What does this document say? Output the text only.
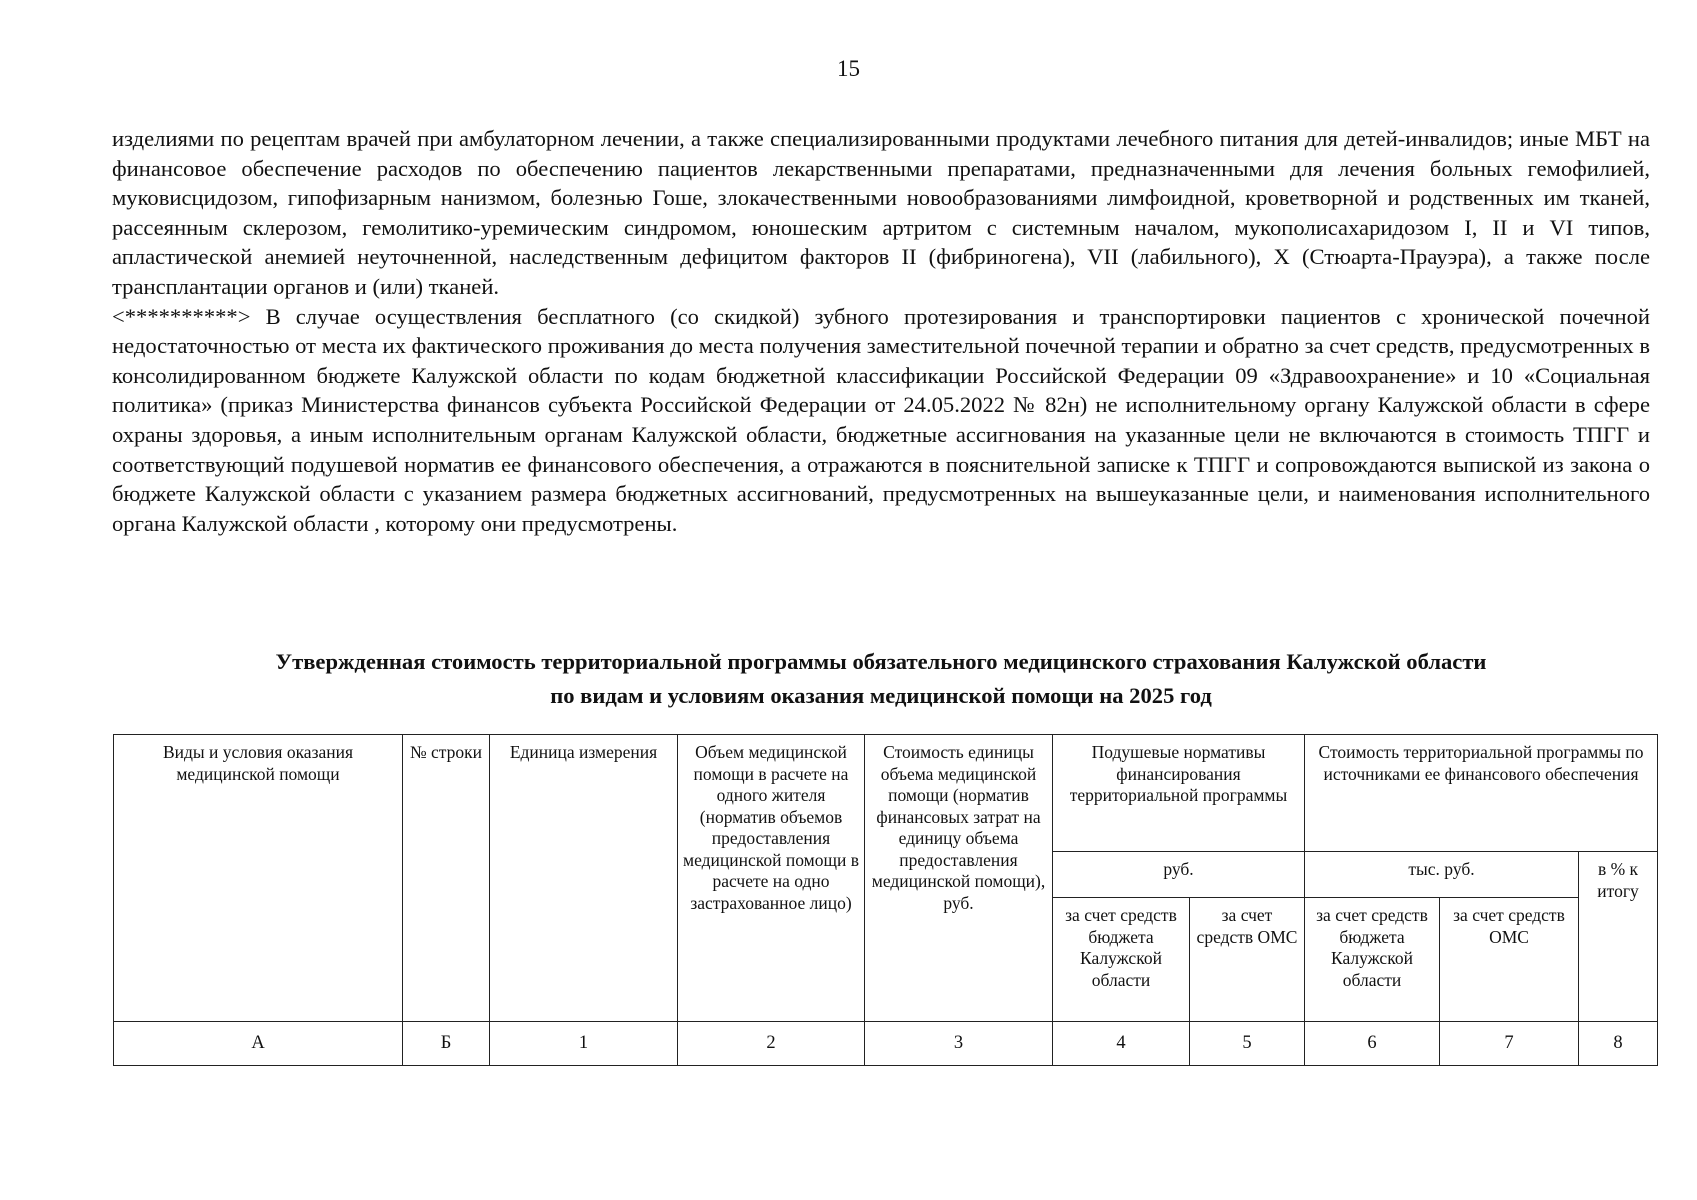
15

изделиями по рецептам врачей при амбулаторном лечении, а также специализированными продуктами лечебного питания для детей-инвалидов; иные МБТ на финансовое обеспечение расходов по обеспечению пациентов лекарственными препаратами, предназначенными для лечения больных гемофилией, муковисцидозом, гипофизарным нанизмом, болезнью Гоше, злокачественными новообразованиями лимфоидной, кроветворной и родственных им тканей, рассеянным склерозом, гемолитико-уремическим синдромом, юношеским артритом с системным началом, мукополисахаридозом I, II и VI типов, апластической анемией неуточненной, наследственным дефицитом факторов II (фибриногена), VII (лабильного), X (Стюарта-Прауэра), а также после трансплантации органов и (или) тканей.

<**********> В случае осуществления бесплатного (со скидкой) зубного протезирования и транспортировки пациентов с хронической почечной недостаточностью от места их фактического проживания до места получения заместительной почечной терапии и обратно за счет средств, предусмотренных в консолидированном бюджете Калужской области по кодам бюджетной классификации Российской Федерации 09 «Здравоохранение» и 10 «Социальная политика» (приказ Министерства финансов субъекта Российской Федерации от 24.05.2022 № 82н) не исполнительному органу Калужской области в сфере охраны здоровья, а иным исполнительным органам Калужской области, бюджетные ассигнования на указанные цели не включаются в стоимость ТПГГ и соответствующий подушевой норматив ее финансового обеспечения, а отражаются в пояснительной записке к ТПГГ и сопровождаются выпиской из закона о бюджете Калужской области с указанием размера бюджетных ассигнований, предусмотренных на вышеуказанные цели, и наименования исполнительного органа Калужской области , которому они предусмотрены.

Утвержденная стоимость территориальной программы обязательного медицинского страхования Калужской области
по видам и условиям оказания медицинской помощи на 2025 год
Виды и условия оказания медицинской помощи	№ строки	Единица измерения	Объем медицинской помощи в расчете на одного жителя (норматив объемов предоставления медицинской помощи в расчете на одно застрахованное лицо)	Стоимость единицы объема медицинской помощи (норматив финансовых затрат на единицу объема предоставления медицинской помощи), руб.	Подушевые нормативы финансирования территориальной программы		Стоимость территориальной программы по источниками ее финансового обеспечения		
					руб.		тыс. руб.		в % к итогу
					за счет средств бюджета Калужской области	за счет средств ОМС	за счет средств бюджета Калужской области	за счет средств ОМС	
А	Б	1	2	3	4	5	6	7	8
